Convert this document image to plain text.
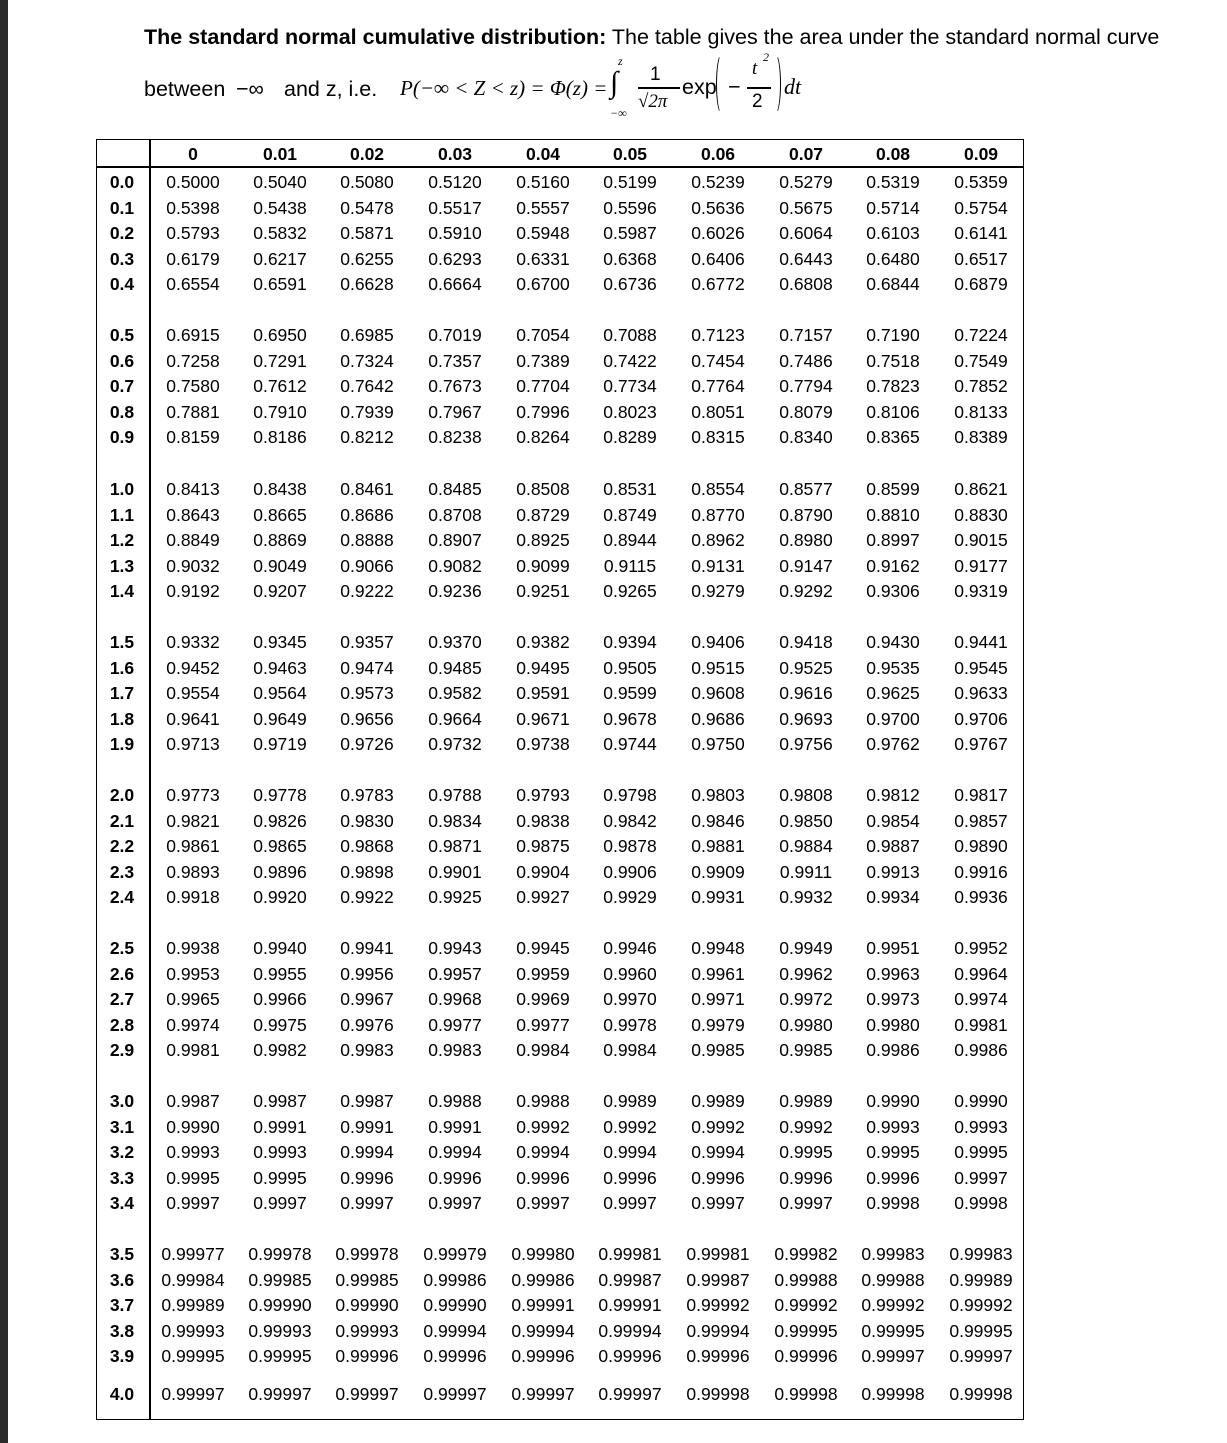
The standard normal cumulative distribution: The table gives the area under the standard normal curve
between −∞ and z, i.e. P(−∞ < Z < z) = Φ(z) =
z
∫
−∞
1
√2π
exp −
t
2
2
dt
0	0.01	0.02	0.03	0.04	0.05	0.06	0.07	0.08	0.09
0.0	0.5000	0.5040	0.5080	0.5120	0.5160	0.5199	0.5239	0.5279	0.5319	0.5359
0.1	0.5398	0.5438	0.5478	0.5517	0.5557	0.5596	0.5636	0.5675	0.5714	0.5754
0.2	0.5793	0.5832	0.5871	0.5910	0.5948	0.5987	0.6026	0.6064	0.6103	0.6141
0.3	0.6179	0.6217	0.6255	0.6293	0.6331	0.6368	0.6406	0.6443	0.6480	0.6517
0.4	0.6554	0.6591	0.6628	0.6664	0.6700	0.6736	0.6772	0.6808	0.6844	0.6879
0.5	0.6915	0.6950	0.6985	0.7019	0.7054	0.7088	0.7123	0.7157	0.7190	0.7224
0.6	0.7258	0.7291	0.7324	0.7357	0.7389	0.7422	0.7454	0.7486	0.7518	0.7549
0.7	0.7580	0.7612	0.7642	0.7673	0.7704	0.7734	0.7764	0.7794	0.7823	0.7852
0.8	0.7881	0.7910	0.7939	0.7967	0.7996	0.8023	0.8051	0.8079	0.8106	0.8133
0.9	0.8159	0.8186	0.8212	0.8238	0.8264	0.8289	0.8315	0.8340	0.8365	0.8389
1.0	0.8413	0.8438	0.8461	0.8485	0.8508	0.8531	0.8554	0.8577	0.8599	0.8621
1.1	0.8643	0.8665	0.8686	0.8708	0.8729	0.8749	0.8770	0.8790	0.8810	0.8830
1.2	0.8849	0.8869	0.8888	0.8907	0.8925	0.8944	0.8962	0.8980	0.8997	0.9015
1.3	0.9032	0.9049	0.9066	0.9082	0.9099	0.9115	0.9131	0.9147	0.9162	0.9177
1.4	0.9192	0.9207	0.9222	0.9236	0.9251	0.9265	0.9279	0.9292	0.9306	0.9319
1.5	0.9332	0.9345	0.9357	0.9370	0.9382	0.9394	0.9406	0.9418	0.9430	0.9441
1.6	0.9452	0.9463	0.9474	0.9485	0.9495	0.9505	0.9515	0.9525	0.9535	0.9545
1.7	0.9554	0.9564	0.9573	0.9582	0.9591	0.9599	0.9608	0.9616	0.9625	0.9633
1.8	0.9641	0.9649	0.9656	0.9664	0.9671	0.9678	0.9686	0.9693	0.9700	0.9706
1.9	0.9713	0.9719	0.9726	0.9732	0.9738	0.9744	0.9750	0.9756	0.9762	0.9767
2.0	0.9773	0.9778	0.9783	0.9788	0.9793	0.9798	0.9803	0.9808	0.9812	0.9817
2.1	0.9821	0.9826	0.9830	0.9834	0.9838	0.9842	0.9846	0.9850	0.9854	0.9857
2.2	0.9861	0.9865	0.9868	0.9871	0.9875	0.9878	0.9881	0.9884	0.9887	0.9890
2.3	0.9893	0.9896	0.9898	0.9901	0.9904	0.9906	0.9909	0.9911	0.9913	0.9916
2.4	0.9918	0.9920	0.9922	0.9925	0.9927	0.9929	0.9931	0.9932	0.9934	0.9936
2.5	0.9938	0.9940	0.9941	0.9943	0.9945	0.9946	0.9948	0.9949	0.9951	0.9952
2.6	0.9953	0.9955	0.9956	0.9957	0.9959	0.9960	0.9961	0.9962	0.9963	0.9964
2.7	0.9965	0.9966	0.9967	0.9968	0.9969	0.9970	0.9971	0.9972	0.9973	0.9974
2.8	0.9974	0.9975	0.9976	0.9977	0.9977	0.9978	0.9979	0.9980	0.9980	0.9981
2.9	0.9981	0.9982	0.9983	0.9983	0.9984	0.9984	0.9985	0.9985	0.9986	0.9986
3.0	0.9987	0.9987	0.9987	0.9988	0.9988	0.9989	0.9989	0.9989	0.9990	0.9990
3.1	0.9990	0.9991	0.9991	0.9991	0.9992	0.9992	0.9992	0.9992	0.9993	0.9993
3.2	0.9993	0.9993	0.9994	0.9994	0.9994	0.9994	0.9994	0.9995	0.9995	0.9995
3.3	0.9995	0.9995	0.9996	0.9996	0.9996	0.9996	0.9996	0.9996	0.9996	0.9997
3.4	0.9997	0.9997	0.9997	0.9997	0.9997	0.9997	0.9997	0.9997	0.9998	0.9998
3.5	0.99977	0.99978	0.99978	0.99979	0.99980	0.99981	0.99981	0.99982	0.99983	0.99983
3.6	0.99984	0.99985	0.99985	0.99986	0.99986	0.99987	0.99987	0.99988	0.99988	0.99989
3.7	0.99989	0.99990	0.99990	0.99990	0.99991	0.99991	0.99992	0.99992	0.99992	0.99992
3.8	0.99993	0.99993	0.99993	0.99994	0.99994	0.99994	0.99994	0.99995	0.99995	0.99995
3.9	0.99995	0.99995	0.99996	0.99996	0.99996	0.99996	0.99996	0.99996	0.99997	0.99997
4.0	0.99997	0.99997	0.99997	0.99997	0.99997	0.99997	0.99998	0.99998	0.99998	0.99998
